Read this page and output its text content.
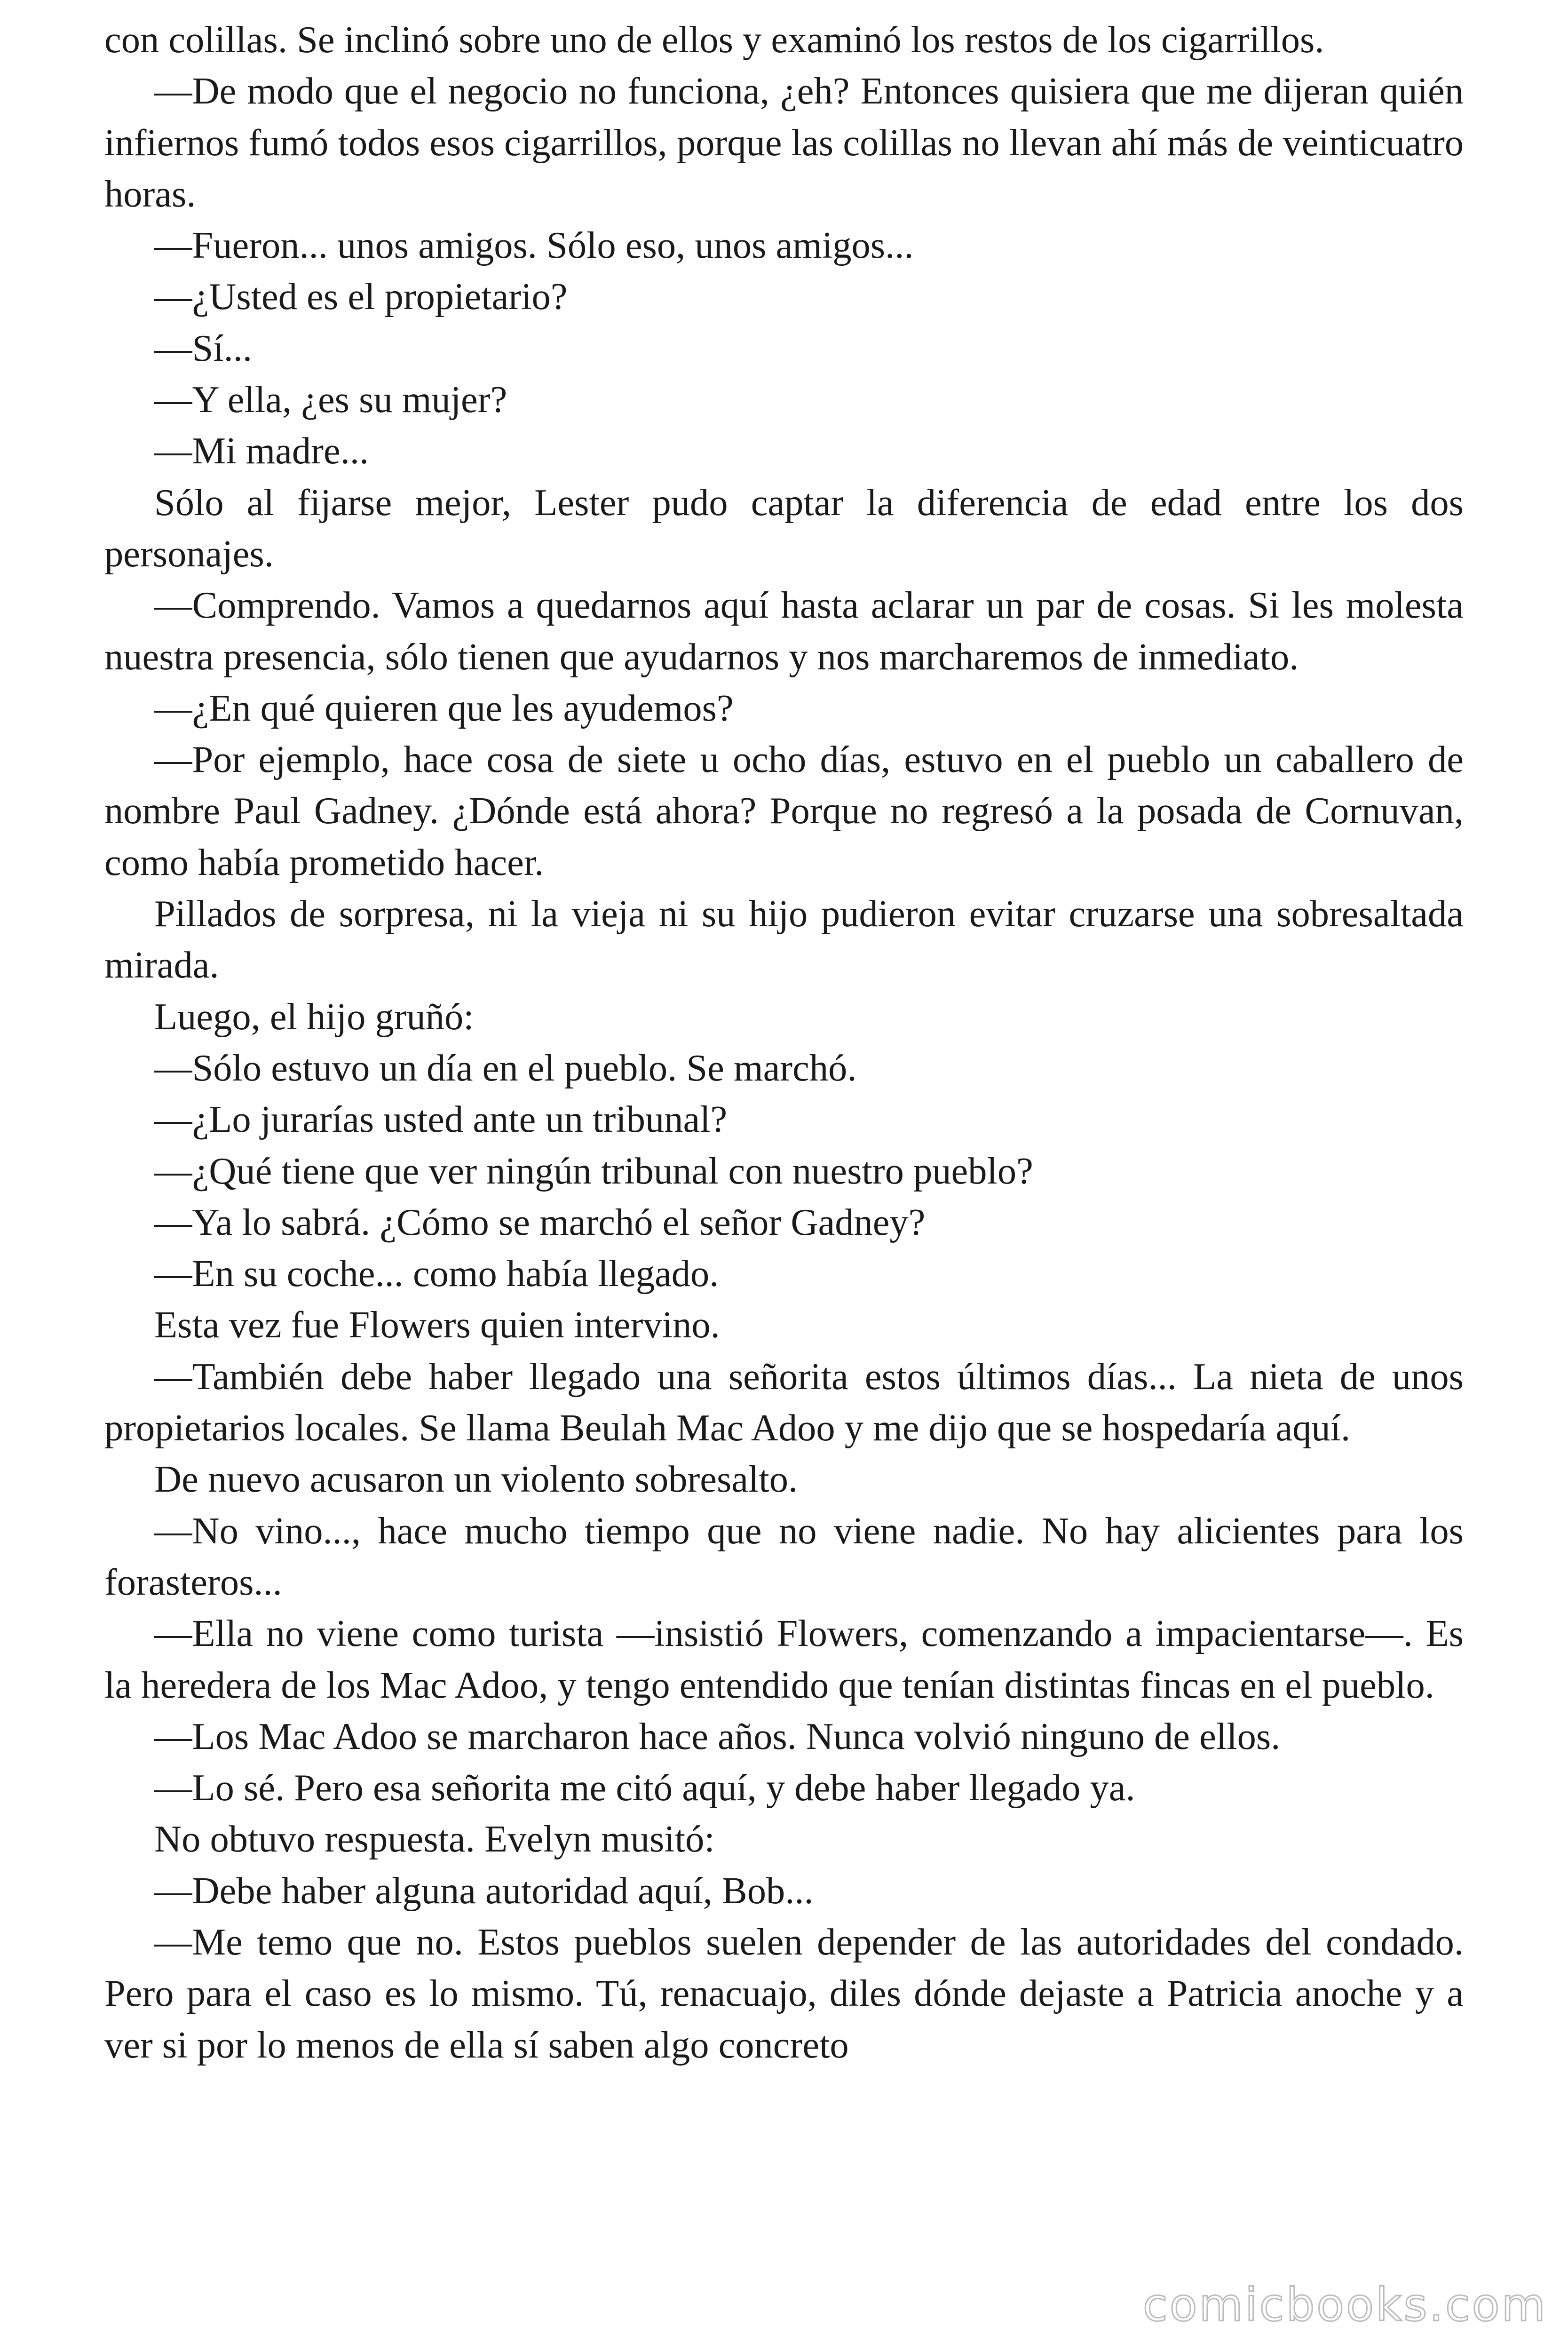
con colillas. Se inclinó sobre uno de ellos y examinó los restos de los cigarrillos.

—De modo que el negocio no funciona, ¿eh? Entonces quisiera que me dijeran quién infiernos fumó todos esos cigarrillos, porque las colillas no llevan ahí más de veinticuatro horas.

—Fueron... unos amigos. Sólo eso, unos amigos...

—¿Usted es el propietario?

—Sí...

—Y ella, ¿es su mujer?

—Mi madre...

Sólo al fijarse mejor, Lester pudo captar la diferencia de edad entre los dos personajes.

—Comprendo. Vamos a quedarnos aquí hasta aclarar un par de cosas. Si les molesta nuestra presencia, sólo tienen que ayudarnos y nos marcharemos de inmediato.

—¿En qué quieren que les ayudemos?

—Por ejemplo, hace cosa de siete u ocho días, estuvo en el pueblo un caballero de nombre Paul Gadney. ¿Dónde está ahora? Porque no regresó a la posada de Cornuvan, como había prometido hacer.

Pillados de sorpresa, ni la vieja ni su hijo pudieron evitar cruzarse una sobresaltada mirada.

Luego, el hijo gruñó:

—Sólo estuvo un día en el pueblo. Se marchó.

—¿Lo jurarías usted ante un tribunal?

—¿Qué tiene que ver ningún tribunal con nuestro pueblo?

—Ya lo sabrá. ¿Cómo se marchó el señor Gadney?

—En su coche... como había llegado.

Esta vez fue Flowers quien intervino.

—También debe haber llegado una señorita estos últimos días... La nieta de unos propietarios locales. Se llama Beulah Mac Adoo y me dijo que se hospedaría aquí.

De nuevo acusaron un violento sobresalto.

—No vino..., hace mucho tiempo que no viene nadie. No hay alicientes para los forasteros...

—Ella no viene como turista —insistió Flowers, comenzando a impacientarse—. Es la heredera de los Mac Adoo, y tengo entendido que tenían distintas fincas en el pueblo.

—Los Mac Adoo se marcharon hace años. Nunca volvió ninguno de ellos.

—Lo sé. Pero esa señorita me citó aquí, y debe haber llegado ya.

No obtuvo respuesta. Evelyn musitó:

—Debe haber alguna autoridad aquí, Bob...

—Me temo que no. Estos pueblos suelen depender de las autoridades del condado. Pero para el caso es lo mismo. Tú, renacuajo, diles dónde dejaste a Patricia anoche y a ver si por lo menos de ella sí saben algo concreto

comicbooks.com
